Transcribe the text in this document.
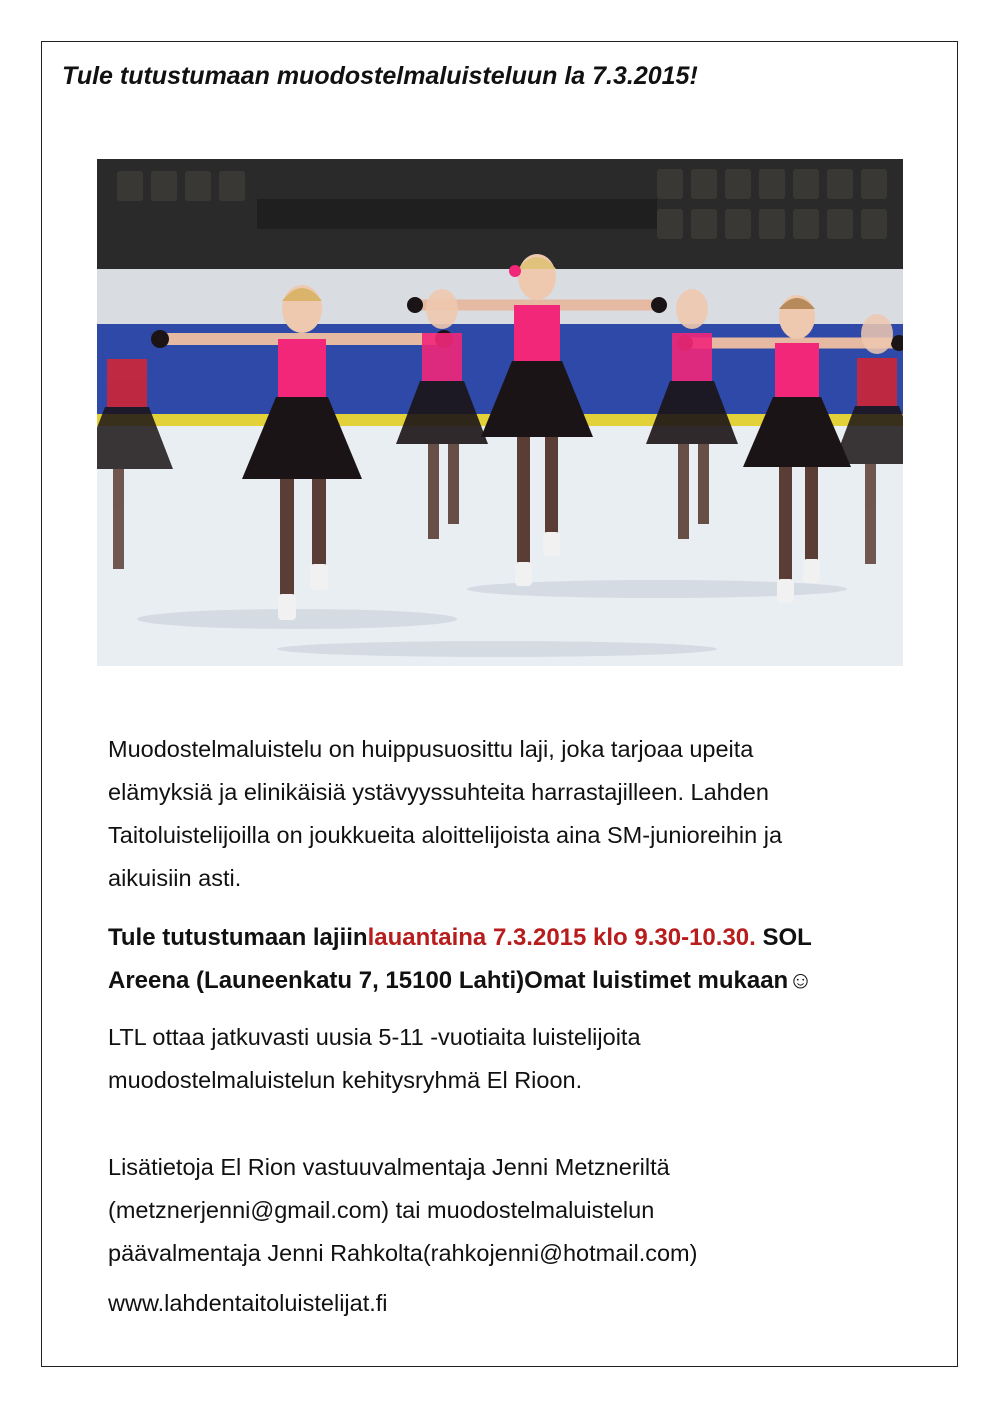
Tule tutustumaan muodostelmaluisteluun la 7.3.2015!

Muodostelmaluistelu on huippusuosittu laji, joka tarjoaa upeita
elämyksiä ja elinikäisiä ystävyyssuhteita harrastajilleen. Lahden
Taitoluistelijoilla on joukkueita aloittelijoista aina SM-junioreihin ja
aikuisiin asti.

Tule tutustumaan lajiinlauantaina 7.3.2015 klo 9.30-10.30. SOL
Areena (Launeenkatu 7, 15100 Lahti)Omat luistimet mukaan☺

LTL ottaa jatkuvasti uusia 5-11 -vuotiaita luistelijoita
muodostelmaluistelun kehitysryhmä El Rioon.

Lisätietoja El Rion vastuuvalmentaja Jenni Metzneriltä
(metznerjenni@gmail.com) tai muodostelmaluistelun
päävalmentaja Jenni Rahkolta(rahkojenni@hotmail.com)

www.lahdentaitoluistelijat.fi
